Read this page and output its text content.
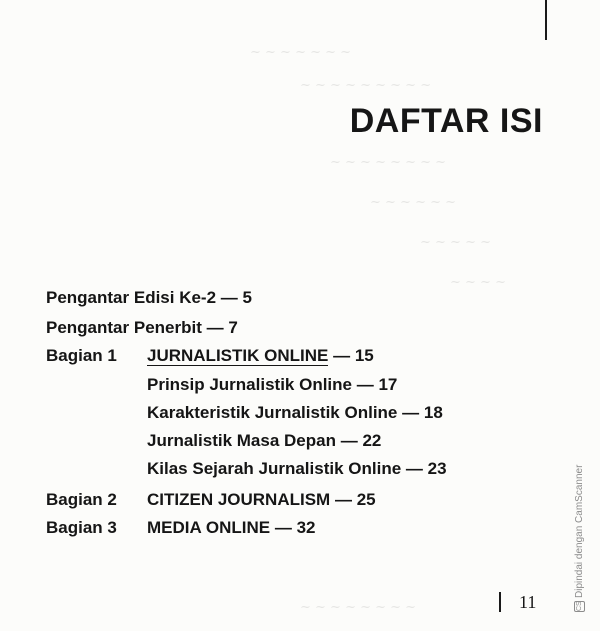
~ ~ ~ ~ ~ ~ ~
~ ~ ~ ~ ~ ~ ~ ~ ~
~ ~ ~ ~ ~ ~ ~ ~
~ ~ ~ ~ ~ ~
~ ~ ~ ~ ~
~ ~ ~ ~
~ ~ ~ ~ ~ ~ ~ ~
DAFTAR ISI
Pengantar Edisi Ke-2 — 5
Pengantar Penerbit — 7
Bagian 1 JURNALISTIK ONLINE — 15
Prinsip Jurnalistik Online — 17
Karakteristik Jurnalistik Online — 18
Jurnalistik Masa Depan — 22
Kilas Sejarah Jurnalistik Online — 23
Bagian 2 CITIZEN JOURNALISM — 25
Bagian 3 MEDIA ONLINE — 32
11	CSDipindai dengan CamScanner
